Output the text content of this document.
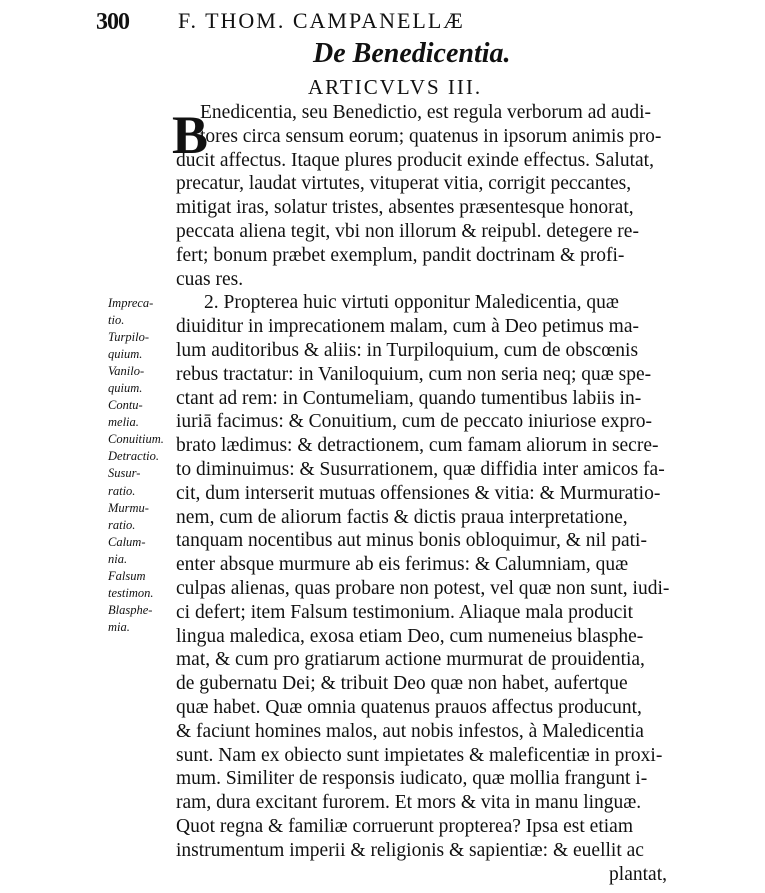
300 F. THOM. CAMPANELLÆ
De Benedicentia.
ARTICVLVS III.
B
Enedicentia, seu Benedictio, est regula verborum ad audi-
tores circa sensum eorum; quatenus in ipsorum animis pro-
ducit affectus. Itaque plures producit exinde effectus. Salutat,
precatur, laudat virtutes, vituperat vitia, corrigit peccantes,
mitigat iras, solatur tristes, absentes præsentesque honorat,
peccata aliena tegit, vbi non illorum & reipubl. detegere re-
fert; bonum præbet exemplum, pandit doctrinam & profi-
cuas res.
2. Propterea huic virtuti opponitur Maledicentia, quæ
diuiditur in imprecationem malam, cum à Deo petimus ma-
lum auditoribus & aliis: in Turpiloquium, cum de obscœnis
rebus tractatur: in Vaniloquium, cum non seria neq; quæ spe-
ctant ad rem: in Contumeliam, quando tumentibus labiis in-
iuriā facimus: & Conuitium, cum de peccato iniuriose expro-
brato lædimus: & detractionem, cum famam aliorum in secre-
to diminuimus: & Susurrationem, quæ diffidia inter amicos fa-
cit, dum interserit mutuas offensiones & vitia: & Murmuratio-
nem, cum de aliorum factis & dictis praua interpretatione,
tanquam nocentibus aut minus bonis obloquimur, & nil pati-
enter absque murmure ab eis ferimus: & Calumniam, quæ
culpas alienas, quas probare non potest, vel quæ non sunt, iudi-
ci defert; item Falsum testimonium. Aliaque mala producit
lingua maledica, exosa etiam Deo, cum numeneius blasphe-
mat, & cum pro gratiarum actione murmurat de prouidentia,
de gubernatu Dei; & tribuit Deo quæ non habet, aufertque
quæ habet. Quæ omnia quatenus prauos affectus producunt,
& faciunt homines malos, aut nobis infestos, à Maledicentia
sunt. Nam ex obiecto sunt impietates & maleficentiæ in proxi-
mum. Similiter de responsis iudicato, quæ mollia frangunt i-
ram, dura excitant furorem. Et mors & vita in manu linguæ.
Quot regna & familiæ corruerunt propterea? Ipsa est etiam
instrumentum imperii & religionis & sapientiæ: & euellit ac
plantat,
Impreca-
tio.
Turpilo-
quium.
Vanilo-
quium.
Contu-
melia.
Conuitium.
Detractio.
Susur-
ratio.
Murmu-
ratio.
Calum-
nia.
Falsum
testimon.
Blasphe-
mia.
